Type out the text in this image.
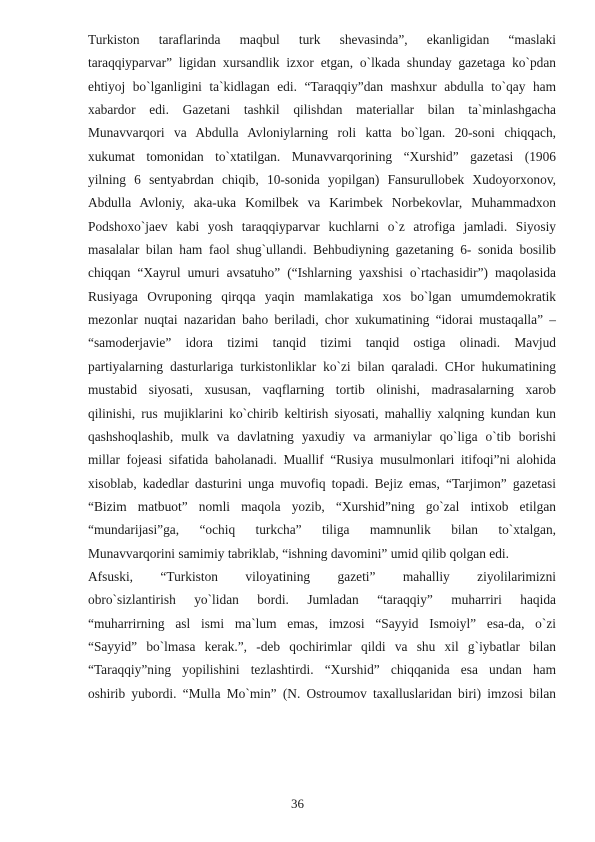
Turkiston taraflarinda maqbul turk shevasinda”, ekanligidan “maslaki
taraqqiyparvar” ligidan xursandlik izxor etgan, o`lkada shunday gazetaga ko`pdan
ehtiyoj bo`lganligini ta`kidlagan edi. “Taraqqiy”dan mashxur abdulla to`qay ham
xabardor edi. Gazetani tashkil qilishdan materiallar bilan ta`minlashgacha
Munavvarqori va Abdulla Avloniylarning roli katta bo`lgan. 20-soni chiqqach,
xukumat tomonidan to`xtatilgan. Munavvarqorining “Xurshid” gazetasi (1906
yilning 6 sentyabrdan chiqib, 10-sonida yopilgan) Fansurullobek Xudoyorxonov,
Abdulla Avloniy, aka-uka Komilbek va Karimbek Norbekovlar, Muhammadxon
Podshoxo`jaev kabi yosh taraqqiyparvar kuchlarni o`z atrofiga jamladi. Siyosiy
masalalar bilan ham faol shug`ullandi. Behbudiyning gazetaning 6- sonida bosilib
chiqqan “Xayrul umuri avsatuho” (“Ishlarning yaxshisi o`rtachasidir”) maqolasida
Rusiyaga Ovruponing qirqqa yaqin mamlakatiga xos bo`lgan umumdemokratik
mezonlar nuqtai nazaridan baho beriladi, chor xukumatining “idorai mustaqalla” –
“samoderjavie” idora tizimi tanqid tizimi tanqid ostiga olinadi. Mavjud
partiyalarning dasturlariga turkistonliklar ko`zi bilan qaraladi. CHor hukumatining
mustabid siyosati, xususan, vaqflarning tortib olinishi, madrasalarning xarob
qilinishi, rus mujiklarini ko`chirib keltirish siyosati, mahalliy xalqning kundan kun
qashshoqlashib, mulk va davlatning yaxudiy va armaniylar qo`liga o`tib borishi
millar fojeasi sifatida baholanadi. Muallif “Rusiya musulmonlari itifoqi”ni alohida
xisoblab, kadedlar dasturini unga muvofiq topadi. Bejiz emas, “Tarjimon” gazetasi
“Bizim matbuot” nomli maqola yozib, “Xurshid”ning go`zal intixob etilgan
“mundarijasi”ga, “ochiq turkcha” tiliga mamnunlik bilan to`xtalgan,
Munavvarqorini samimiy tabriklab, “ishning davomini” umid qilib qolgan edi.
Afsuski, “Turkiston viloyatining gazeti” mahalliy ziyolilarimizni
obro`sizlantirish yo`lidan bordi. Jumladan “taraqqiy” muharriri haqida
“muharrirning asl ismi ma`lum emas, imzosi “Sayyid Ismoiyl” esa-da, o`zi
“Sayyid” bo`lmasa kerak.”, -deb qochirimlar qildi va shu xil g`iybatlar bilan
“Taraqqiy”ning yopilishini tezlashtirdi. “Xurshid” chiqqanida esa undan ham
oshirib yubordi. “Mulla Mo`min” (N. Ostroumov taxalluslaridan biri) imzosi bilan
36
